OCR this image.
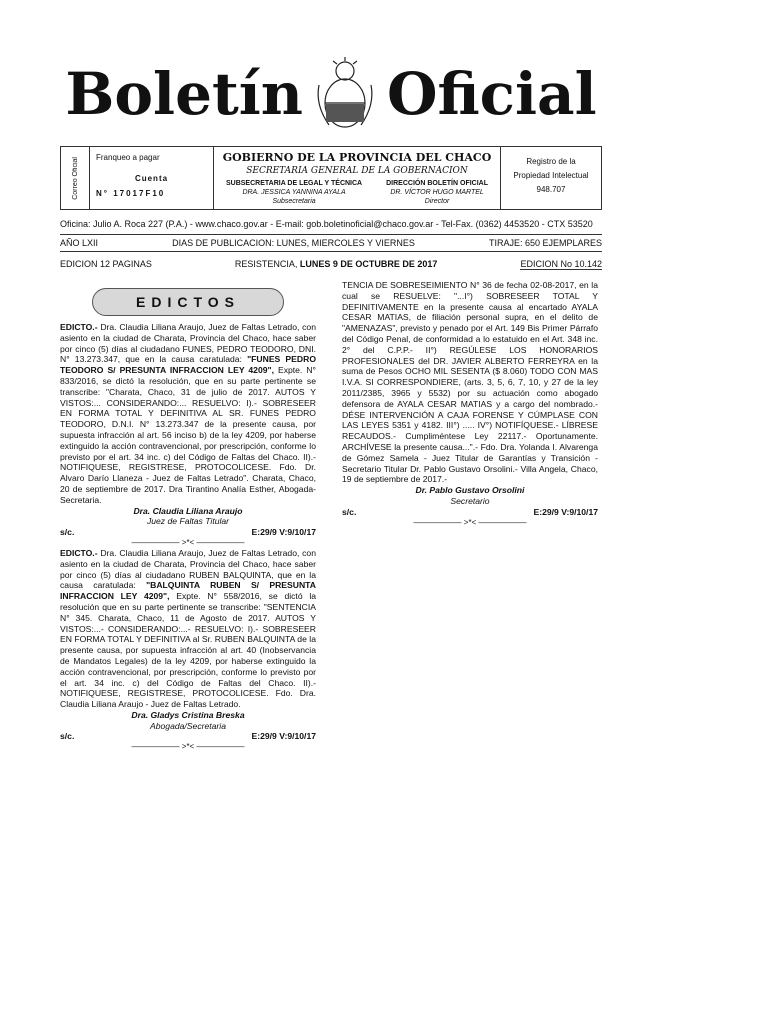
Boletín Oficial
Correo Oficial Franqueo a pagar
Cuenta
N° 17017F10
GOBIERNO DE LA PROVINCIA DEL CHACO
SECRETARIA GENERAL DE LA GOBERNACION
SUBSECRETARIA DE LEGAL Y TÉCNICA
DRA. JESSICA YANNINA AYALA
Subsecretaria
DIRECCIÓN BOLETÍN OFICIAL
DR. VÍCTOR HUGO MARTEL
Director
Registro de la
Propiedad Intelectual
948.707
Oficina: Julio A. Roca 227 (P.A.) - www.chaco.gov.ar - E-mail: gob.boletinoficial@chaco.gov.ar - Tel-Fax. (0362) 4453520 - CTX 53520
AÑO LXII	DIAS DE PUBLICACION: LUNES, MIERCOLES Y VIERNES	TIRAJE: 650 EJEMPLARES
EDICION 12 PAGINAS	RESISTENCIA, LUNES 9 DE OCTUBRE DE 2017	EDICION No 10.142
EDICTOS

EDICTO.- Dra. Claudia Liliana Araujo, Juez de Faltas Letrado, con asiento en la ciudad de Charata, Provincia del Chaco, hace saber por cinco (5) días al ciudadano FUNES, PEDRO TEODORO, DNI. N° 13.273.347, que en la causa caratulada: "FUNES PEDRO TEODORO S/ PRESUNTA INFRACCION LEY 4209", Expte. N° 833/2016, se dictó la resolución, que en su parte pertinente se transcribe: "Charata, Chaco, 31 de julio de 2017. AUTOS Y VISTOS:... CONSIDERANDO:... RESUELVO: I).- SOBRESEER EN FORMA TOTAL Y DEFINITIVA AL SR. FUNES PEDRO TEODORO, D.N.I. N° 13.273.347 de la presente causa, por supuesta infracción al art. 56 inciso b) de la ley 4209, por haberse extinguido la acción contravencional, por prescripción, conforme lo previsto por el art. 34 inc. c) del Código de Faltas del Chaco. II).- NOTIFIQUESE, REGISTRESE, PROTOCOLICESE. Fdo. Dr. Alvaro Darío Llaneza - Juez de Faltas Letrado". Charata, Chaco, 20 de septiembre de 2017. Dra Tirantino Analía Esther, Abogada-Secretaria.

Dra. Claudia Liliana Araujo
Juez de Faltas Titular
s/c.	E:29/9 V:9/10/17
—————— >*< ——————

EDICTO.- Dra. Claudia Liliana Araujo, Juez de Faltas Letrado, con asiento en la ciudad de Charata, Provincia del Chaco, hace saber por cinco (5) días al ciudadano RUBEN BALQUINTA, que en la causa caratulada: "BALQUINTA RUBEN S/ PRESUNTA INFRACCION LEY 4209", Expte. N° 558/2016, se dictó la resolución que en su parte pertinente se transcribe: "SENTENCIA N° 345. Charata, Chaco, 11 de Agosto de 2017. AUTOS Y VISTOS:...- CONSIDERANDO:...- RESUELVO: I).- SOBRESEER EN FORMA TOTAL Y DEFINITIVA al Sr. RUBEN BALQUINTA de la presente causa, por supuesta infracción al art. 40 (Inobservancia de Mandatos Legales) de la ley 4209, por haberse extinguido la acción contravencional, por prescripción, conforme lo previsto por el art. 34 inc. c) del Código de Faltas del Chaco. II).- NOTIFIQUESE, REGISTRESE, PROTOCOLICESE. Fdo. Dra. Claudia Liliana Araujo - Juez de Faltas Letrado.

Dra. Gladys Cristina Breska
Abogada/Secretaria
s/c.	E:29/9 V:9/10/17
—————— >*< ——————

TENCIA DE SOBRESEIMIENTO N° 36 de fecha 02-08-2017, en la cual se RESUELVE: "...I°) SOBRESEER TOTAL Y DEFINITIVAMENTE en la presente causa al encartado AYALA CESAR MATIAS, de filiación personal supra, en el delito de "AMENAZAS", previsto y penado por el Art. 149 Bis Primer Párrafo del Código Penal, de conformidad a lo estatuido en el Art. 348 inc. 2° del C.P.P.- II°) REGÚLESE LOS HONORARIOS PROFESIONALES del DR. JAVIER ALBERTO FERREYRA en la suma de Pesos OCHO MIL SESENTA ($ 8.060) TODO CON MAS I.V.A. SI CORRESPONDIERE, (arts. 3, 5, 6, 7, 10, y 27 de la ley 2011/2385, 3965 y 5532) por su actuación como abogado defensora de AYALA CESAR MATIAS y a cargo del nombrado.- DÉSE INTERVENCIÓN A CAJA FORENSE Y CÚMPLASE CON LAS LEYES 5351 y 4182. III°) ..... IV°) NOTIFÍQUESE.- LÍBRESE RECAUDOS.- Cumpliméntese Ley 22117.- Oportunamente. ARCHÍVESE la presente causa...".- Fdo. Dra. Yolanda I. Alvarenga de Gómez Samela - Juez Titular de Garantías y Transición - Secretario Titular Dr. Pablo Gustavo Orsolini.- Villa Angela, Chaco, 19 de septiembre de 2017.-

Dr. Pablo Gustavo Orsolini
Secretario
s/c.	E:29/9 V:9/10/17
—————— >*< ——————
